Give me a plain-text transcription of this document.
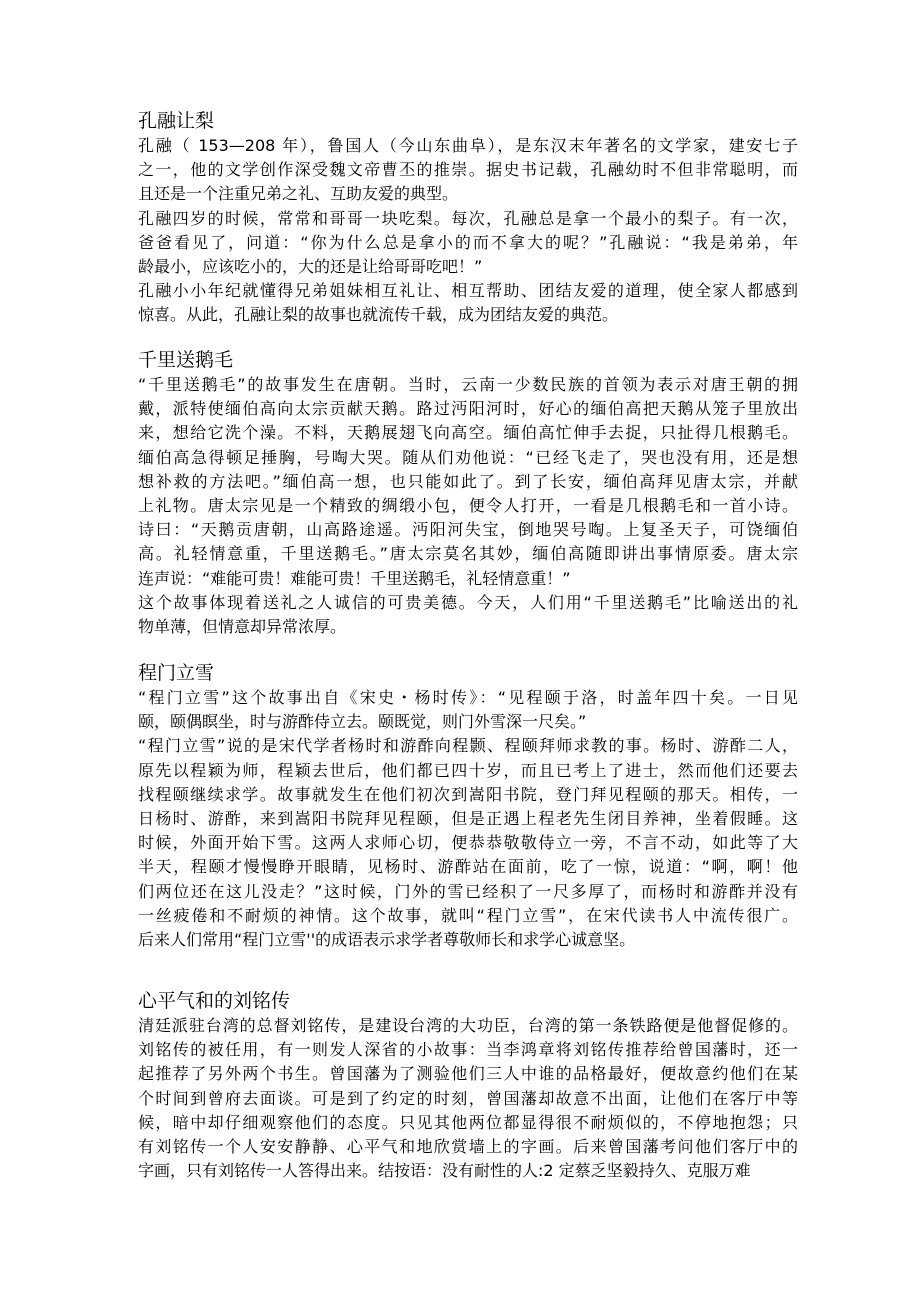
孔融让梨
孔融（ 153—208 年），鲁国人（今山东曲阜），是东汉末年著名的文学家，建安七子
之一，他的文学创作深受魏文帝曹丕的推崇。据史书记载，孔融幼时不但非常聪明，而
且还是一个注重兄弟之礼、互助友爱的典型。
孔融四岁的时候，常常和哥哥一块吃梨。每次，孔融总是拿一个最小的梨子。有一次，
爸爸看见了，问道：“你为什么总是拿小的而不拿大的呢？”孔融说：“我是弟弟，年
龄最小，应该吃小的，大的还是让给哥哥吃吧！”
孔融小小年纪就懂得兄弟姐妹相互礼让、相互帮助、团结友爱的道理，使全家人都感到
惊喜。从此，孔融让梨的故事也就流传千载，成为团结友爱的典范。
千里送鹅毛
“千里送鹅毛”的故事发生在唐朝。当时，云南一少数民族的首领为表示对唐王朝的拥
戴，派特使缅伯高向太宗贡献天鹅。路过沔阳河时，好心的缅伯高把天鹅从笼子里放出
来，想给它洗个澡。不料，天鹅展翅飞向高空。缅伯高忙伸手去捉，只扯得几根鹅毛。
缅伯高急得顿足捶胸，号啕大哭。随从们劝他说：“已经飞走了，哭也没有用，还是想
想补救的方法吧。”缅伯高一想，也只能如此了。到了长安，缅伯高拜见唐太宗，并献
上礼物。唐太宗见是一个精致的绸缎小包，便令人打开，一看是几根鹅毛和一首小诗。
诗曰：“天鹅贡唐朝，山高路途遥。沔阳河失宝，倒地哭号啕。上复圣天子，可饶缅伯
高。礼轻情意重，千里送鹅毛。”唐太宗莫名其妙，缅伯高随即讲出事情原委。唐太宗
连声说：“难能可贵！难能可贵！千里送鹅毛，礼轻情意重！”
这个故事体现着送礼之人诚信的可贵美德。今天，人们用“千里送鹅毛”比喻送出的礼
物单薄，但情意却异常浓厚。
程门立雪
“程门立雪”这个故事出自《宋史・杨时传》：“见程颐于洛，时盖年四十矣。一日见
颐，颐偶瞑坐，时与游酢侍立去。颐既觉，则门外雪深一尺矣。”
“程门立雪”说的是宋代学者杨时和游酢向程颢、程颐拜师求教的事。杨时、游酢二人，
原先以程颖为师，程颖去世后，他们都已四十岁，而且已考上了进士，然而他们还要去
找程颐继续求学。故事就发生在他们初次到嵩阳书院，登门拜见程颐的那天。相传，一
日杨时、游酢，来到嵩阳书院拜见程颐，但是正遇上程老先生闭目养神，坐着假睡。这
时候，外面开始下雪。这两人求师心切，便恭恭敬敬侍立一旁，不言不动，如此等了大
半天，程颐才慢慢睁开眼睛，见杨时、游酢站在面前，吃了一惊，说道：“啊，啊！他
们两位还在这儿没走？”这时候，门外的雪已经积了一尺多厚了，而杨时和游酢并没有
一丝疲倦和不耐烦的神情。这个故事，就叫“程门立雪”，在宋代读书人中流传很广。
后来人们常用“程门立雪''的成语表示求学者尊敬师长和求学心诚意坚。
心平气和的刘铭传
清廷派驻台湾的总督刘铭传，是建设台湾的大功臣，台湾的第一条铁路便是他督促修的。
刘铭传的被任用，有一则发人深省的小故事：当李鸿章将刘铭传推荐给曾国藩时，还一
起推荐了另外两个书生。曾国藩为了测验他们三人中谁的品格最好，便故意约他们在某
个时间到曾府去面谈。可是到了约定的时刻，曾国藩却故意不出面，让他们在客厅中等
候，暗中却仔细观察他们的态度。只见其他两位都显得很不耐烦似的，不停地抱怨；只
有刘铭传一个人安安静静、心平气和地欣赏墙上的字画。后来曾国藩考问他们客厅中的
字画，只有刘铭传一人答得出来。结按语：没有耐性的人:2 定蔡乏坚毅持久、克服万难
